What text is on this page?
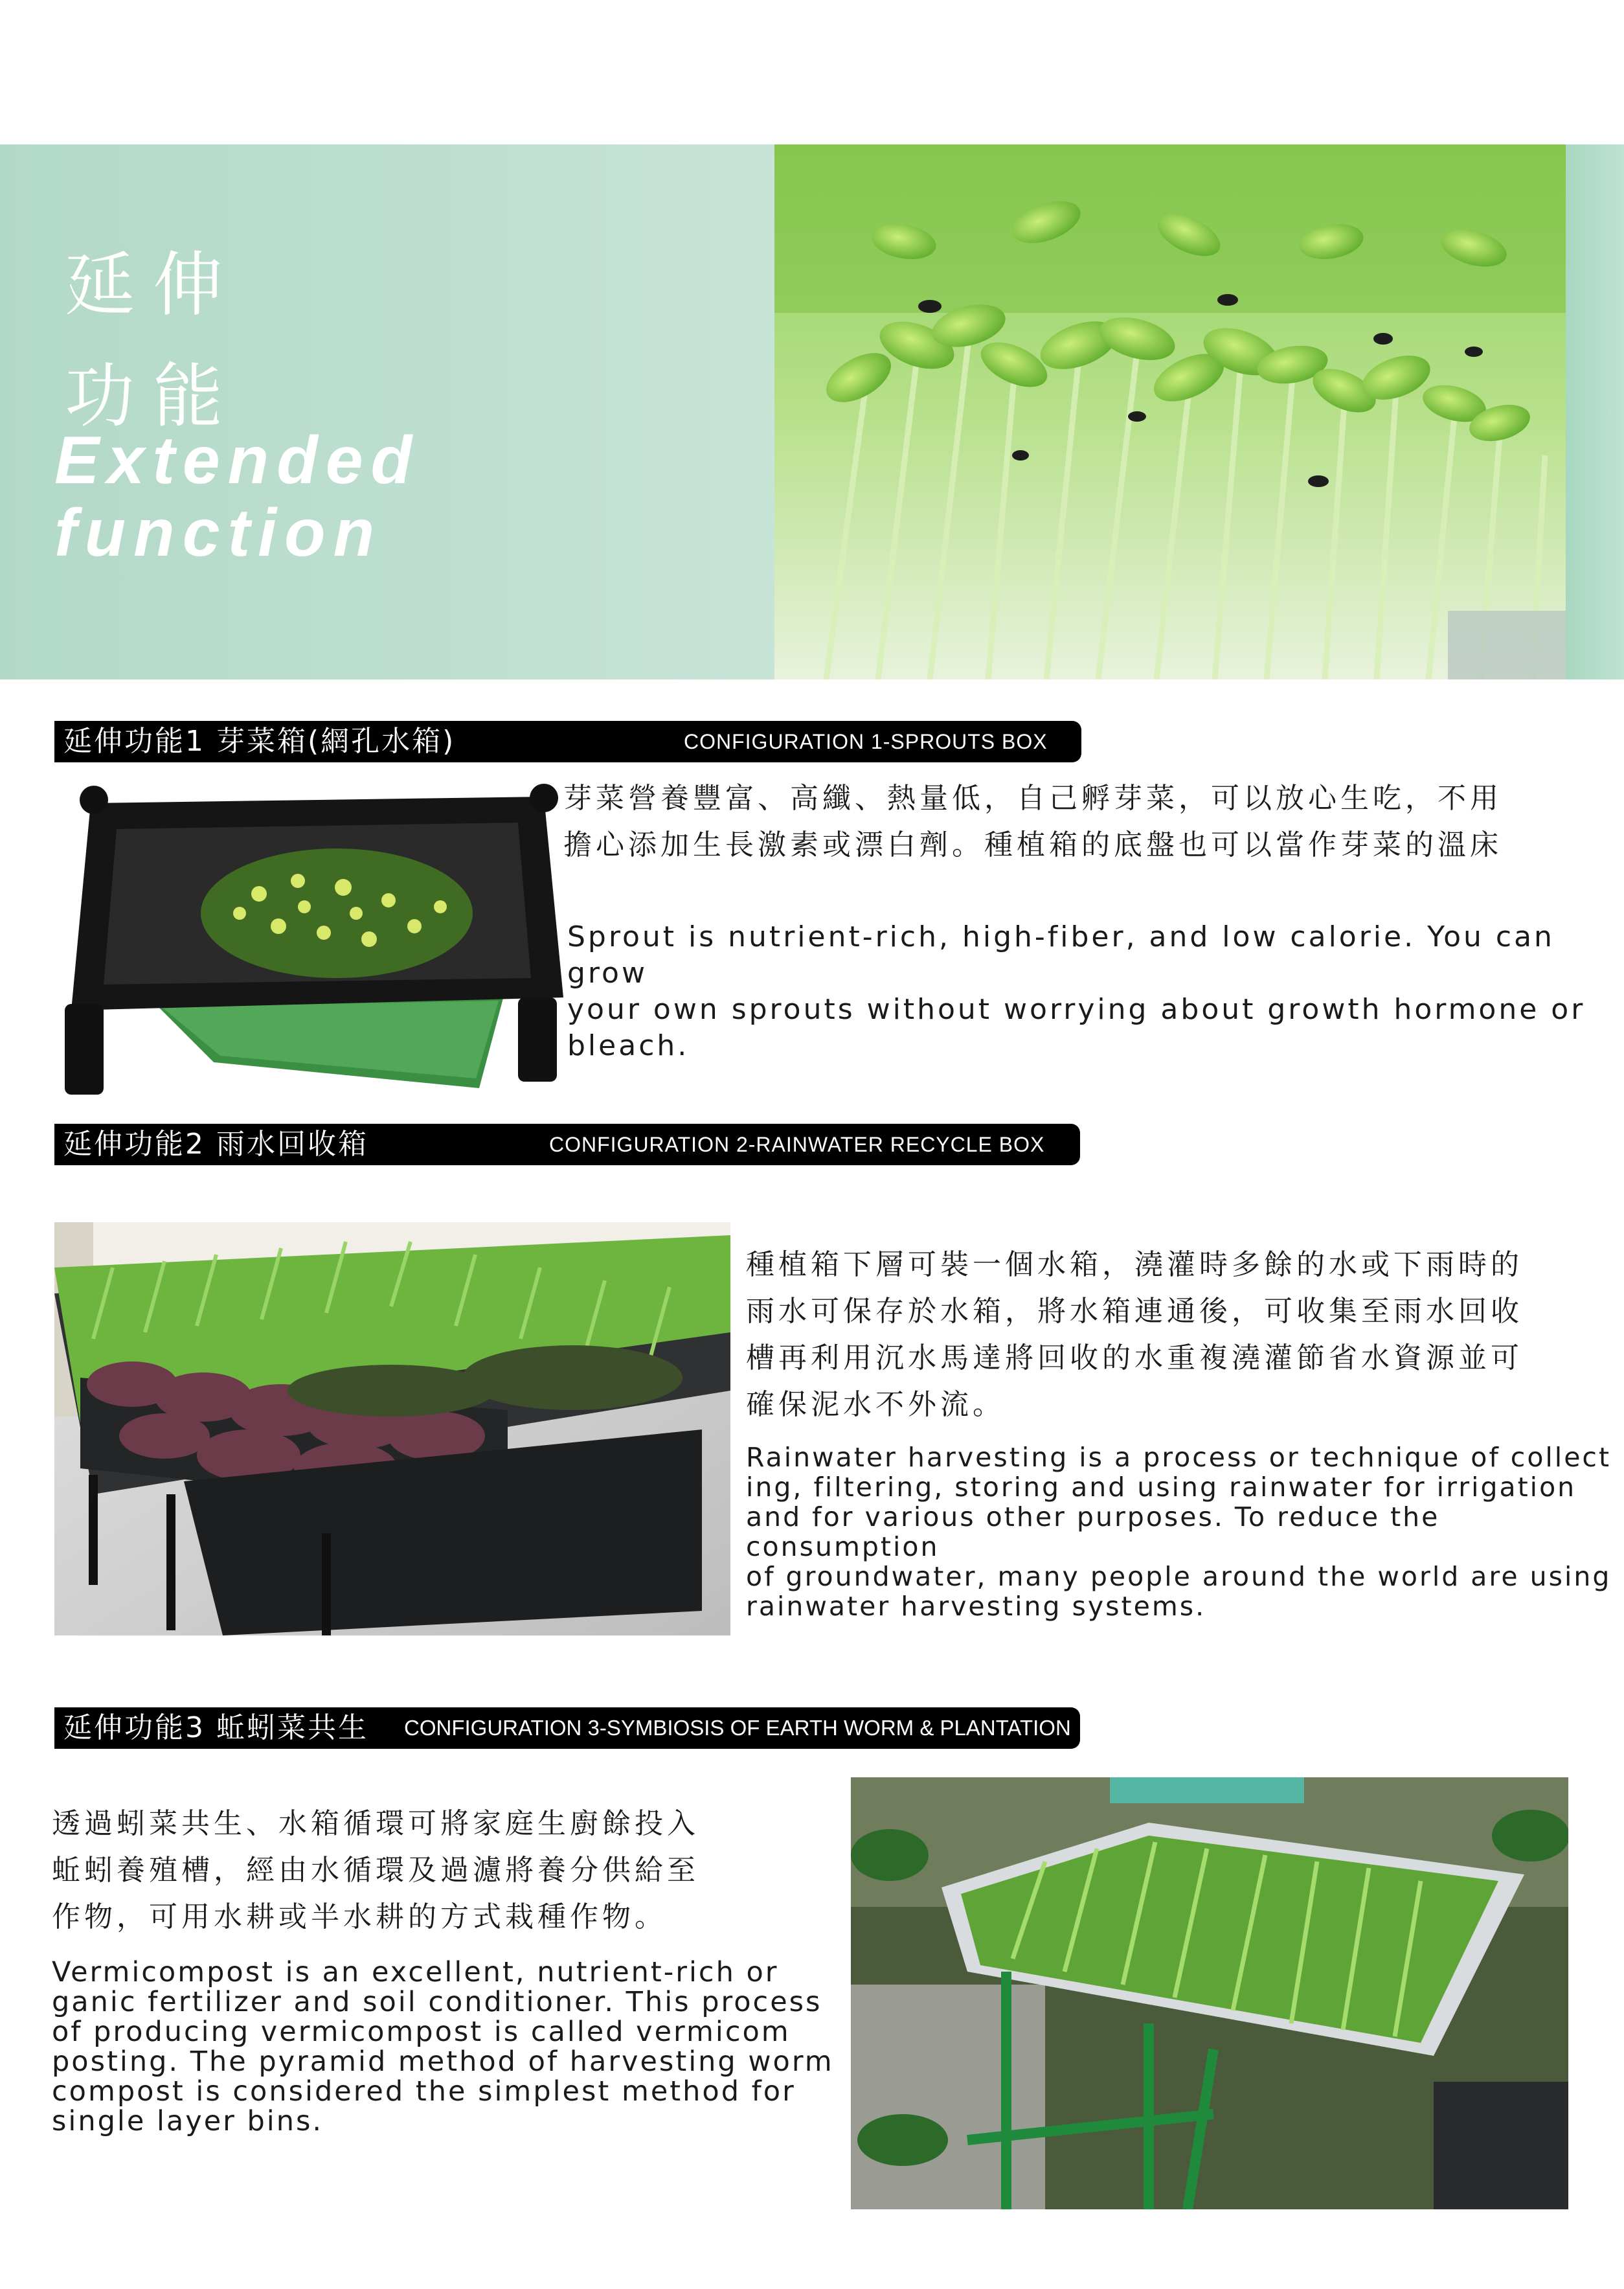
延伸
功能
Extended
function
延伸功能1 芽菜箱(網孔水箱)	CONFIGURATION 1-SPROUTS BOX
芽菜營養豐富、高纖、熱量低，自己孵芽菜，可以放心生吃，不用
擔心添加生長激素或漂白劑。種植箱的底盤也可以當作芽菜的溫床
Sprout is nutrient-rich, high-fiber, and low calorie. You can grow
your own sprouts without worrying about growth hormone or bleach.
延伸功能2 雨水回收箱	CONFIGURATION 2-RAINWATER RECYCLE BOX
種植箱下層可裝一個水箱，澆灌時多餘的水或下雨時的
雨水可保存於水箱，將水箱連通後，可收集至雨水回收
槽再利用沉水馬達將回收的水重複澆灌節省水資源並可
確保泥水不外流。
Rainwater harvesting is a process or technique of collect
ing, filtering, storing and using rainwater for irrigation
and for various other purposes. To reduce the consumption
of groundwater, many people around the world are using
rainwater harvesting systems.
延伸功能3 蚯蚓菜共生 CONFIGURATION 3-SYMBIOSIS OF EARTH WORM & PLANTATION
透過蚓菜共生、水箱循環可將家庭生廚餘投入
蚯蚓養殖槽，經由水循環及過濾將養分供給至
作物，可用水耕或半水耕的方式栽種作物。
Vermicompost is an excellent, nutrient-rich or
ganic fertilizer and soil conditioner. This process
of producing vermicompost is called vermicom
posting. The pyramid method of harvesting worm
compost is considered the simplest method for
single layer bins.
